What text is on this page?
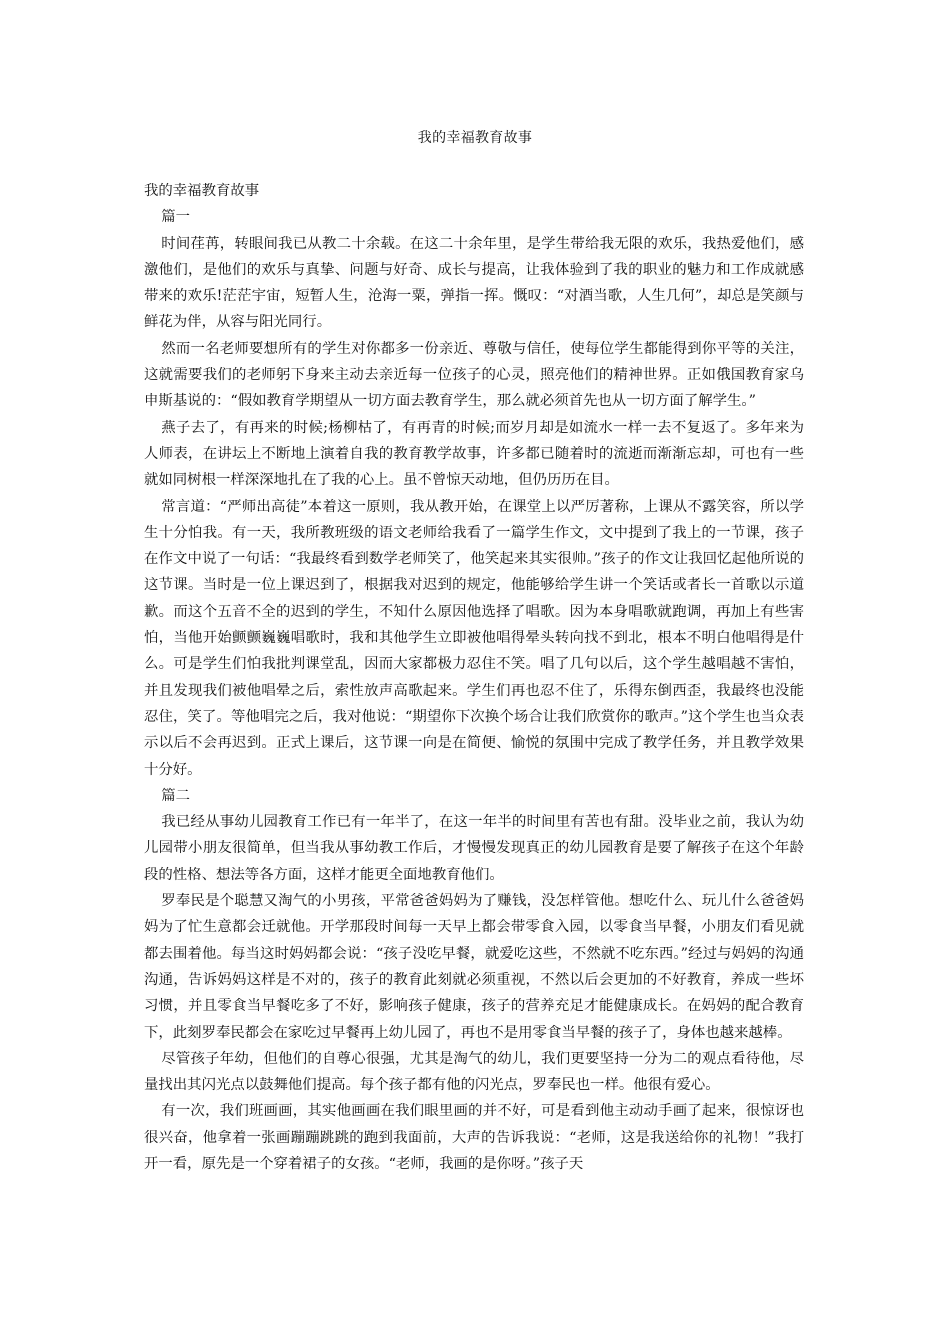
我的幸福教育故事

我的幸福教育故事

篇一

时间荏苒，转眼间我已从教二十余载。在这二十余年里，是学生带给我无限的欢乐，我热爱他们，感激他们，是他们的欢乐与真挚、问题与好奇、成长与提高，让我体验到了我的职业的魅力和工作成就感带来的欢乐!茫茫宇宙，短暂人生，沧海一粟，弹指一挥。慨叹：“对酒当歌，人生几何”，却总是笑颜与鲜花为伴，从容与阳光同行。

然而一名老师要想所有的学生对你都多一份亲近、尊敬与信任，使每位学生都能得到你平等的关注，这就需要我们的老师躬下身来主动去亲近每一位孩子的心灵，照亮他们的精神世界。正如俄国教育家乌申斯基说的：“假如教育学期望从一切方面去教育学生，那么就必须首先也从一切方面了解学生。”

燕子去了，有再来的时候;杨柳枯了，有再青的时候;而岁月却是如流水一样一去不复返了。多年来为人师表，在讲坛上不断地上演着自我的教育教学故事，许多都已随着时的流逝而渐渐忘却，可也有一些就如同树根一样深深地扎在了我的心上。虽不曾惊天动地，但仍历历在目。

常言道：“严师出高徒”本着这一原则，我从教开始，在课堂上以严厉著称，上课从不露笑容，所以学生十分怕我。有一天，我所教班级的语文老师给我看了一篇学生作文，文中提到了我上的一节课，孩子在作文中说了一句话：“我最终看到数学老师笑了，他笑起来其实很帅。”孩子的作文让我回忆起他所说的这节课。当时是一位上课迟到了，根据我对迟到的规定，他能够给学生讲一个笑话或者长一首歌以示道歉。而这个五音不全的迟到的学生，不知什么原因他选择了唱歌。因为本身唱歌就跑调，再加上有些害怕，当他开始颤颤巍巍唱歌时，我和其他学生立即被他唱得晕头转向找不到北，根本不明白他唱得是什么。可是学生们怕我批判课堂乱，因而大家都极力忍住不笑。唱了几句以后，这个学生越唱越不害怕，并且发现我们被他唱晕之后，索性放声高歌起来。学生们再也忍不住了，乐得东倒西歪，我最终也没能忍住，笑了。等他唱完之后，我对他说：“期望你下次换个场合让我们欣赏你的歌声。”这个学生也当众表示以后不会再迟到。正式上课后，这节课一向是在简便、愉悦的氛围中完成了教学任务，并且教学效果十分好。

篇二

我已经从事幼儿园教育工作已有一年半了，在这一年半的时间里有苦也有甜。没毕业之前，我认为幼儿园带小朋友很简单，但当我从事幼教工作后，才慢慢发现真正的幼儿园教育是要了解孩子在这个年龄段的性格、想法等各方面，这样才能更全面地教育他们。

罗奉民是个聪慧又淘气的小男孩，平常爸爸妈妈为了赚钱，没怎样管他。想吃什么、玩儿什么爸爸妈妈为了忙生意都会迁就他。开学那段时间每一天早上都会带零食入园，以零食当早餐，小朋友们看见就都去围着他。每当这时妈妈都会说：“孩子没吃早餐，就爱吃这些，不然就不吃东西。”经过与妈妈的沟通沟通，告诉妈妈这样是不对的，孩子的教育此刻就必须重视，不然以后会更加的不好教育，养成一些坏习惯，并且零食当早餐吃多了不好，影响孩子健康，孩子的营养充足才能健康成长。在妈妈的配合教育下，此刻罗奉民都会在家吃过早餐再上幼儿园了，再也不是用零食当早餐的孩子了，身体也越来越棒。

尽管孩子年幼，但他们的自尊心很强，尤其是淘气的幼儿，我们更要坚持一分为二的观点看待他，尽量找出其闪光点以鼓舞他们提高。每个孩子都有他的闪光点，罗奉民也一样。他很有爱心。

有一次，我们班画画，其实他画画在我们眼里画的并不好，可是看到他主动动手画了起来，很惊讶也很兴奋，他拿着一张画蹦蹦跳跳的跑到我面前，大声的告诉我说：“老师，这是我送给你的礼物！”我打开一看，原先是一个穿着裙子的女孩。“老师，我画的是你呀。”孩子天
